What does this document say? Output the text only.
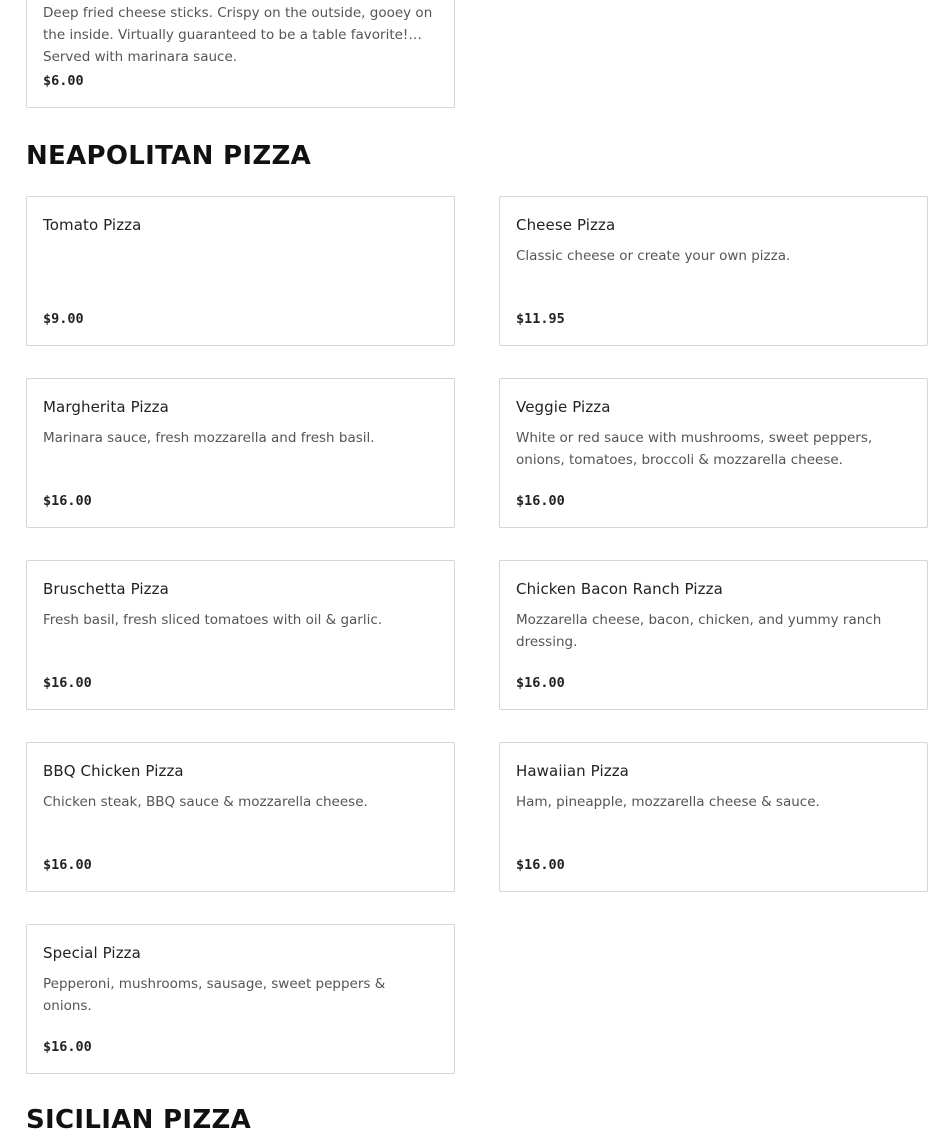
Deep fried cheese sticks. Crispy on the outside, gooey on the inside. Virtually guaranteed to be a table favorite! Served with marinara sauce.
$6.00
NEAPOLITAN PIZZA
Tomato Pizza
$9.00
Cheese Pizza
Classic cheese or create your own pizza.
$11.95
Margherita Pizza
Marinara sauce, fresh mozzarella and fresh basil.
$16.00
Veggie Pizza
White or red sauce with mushrooms, sweet peppers, onions, tomatoes, broccoli & mozzarella cheese.
$16.00
Bruschetta Pizza
Fresh basil, fresh sliced tomatoes with oil & garlic.
$16.00
Chicken Bacon Ranch Pizza
Mozzarella cheese, bacon, chicken, and yummy ranch dressing.
$16.00
BBQ Chicken Pizza
Chicken steak, BBQ sauce & mozzarella cheese.
$16.00
Hawaiian Pizza
Ham, pineapple, mozzarella cheese & sauce.
$16.00
Special Pizza
Pepperoni, mushrooms, sausage, sweet peppers & onions.
$16.00
SICILIAN PIZZA
